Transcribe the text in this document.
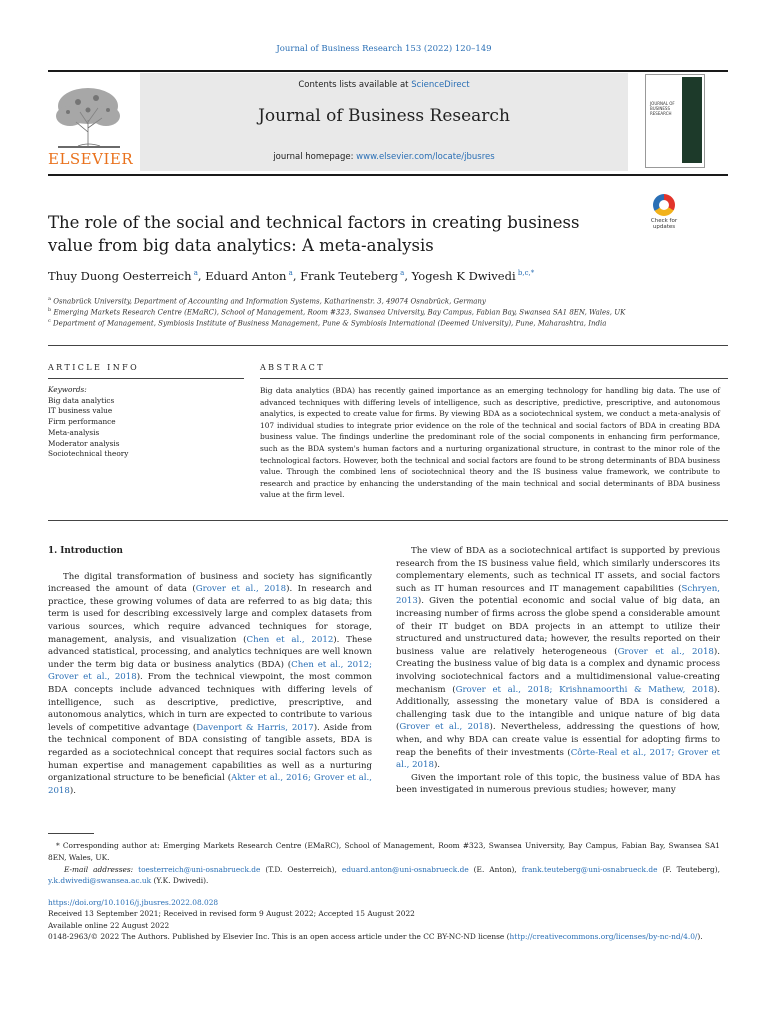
Journal of Business Research 153 (2022) 120–149
ELSEVIER
Contents lists available at ScienceDirect
Journal of Business Research
journal homepage: www.elsevier.com/locate/jbusres
JOURNAL OF BUSINESS RESEARCH
The role of the social and technical factors in creating business value from big data analytics: A meta-analysis
Check for updates
Thuy Duong Oesterreich $^a$, Eduard Anton $^a$, Frank Teuteberg $^a$, Yogesh K Dwivedi $^{b,c,*}$
$^a$ Osnabrück University, Department of Accounting and Information Systems, Katharinenstr. 3, 49074 Osnabrück, Germany
$^b$ Emerging Markets Research Centre (EMaRC), School of Management, Room #323, Swansea University, Bay Campus, Fabian Bay, Swansea SA1 8EN, Wales, UK
$^c$ Department of Management, Symbiosis Institute of Business Management, Pune & Symbiosis International (Deemed University), Pune, Maharashtra, India
ARTICLE INFO	ABSTRACT
Keywords:
Big data analytics
IT business value
Firm performance
Meta-analysis
Moderator analysis
Sociotechnical theory
Big data analytics (BDA) has recently gained importance as an emerging technology for handling big data. The use of advanced techniques with differing levels of intelligence, such as descriptive, predictive, prescriptive, and autonomous analytics, is expected to create value for firms. By viewing BDA as a sociotechnical system, we conduct a meta-analysis of 107 individual studies to integrate prior evidence on the role of the technical and social factors of BDA in creating BDA business value. The findings underline the predominant role of the social components in enhancing firm performance, such as the BDA system's human factors and a nurturing organizational structure, in contrast to the minor role of the technological factors. However, both the technical and social factors are found to be strong determinants of BDA business value. Through the combined lens of sociotechnical theory and the IS business value framework, we contribute to research and practice by enhancing the understanding of the main technical and social determinants of BDA business value at the firm level.
1. Introduction

The digital transformation of business and society has significantly increased the amount of data (Grover et al., 2018). In research and practice, these growing volumes of data are referred to as big data; this term is used for describing excessively large and complex datasets from various sources, which require advanced techniques for storage, management, analysis, and visualization (Chen et al., 2012). These advanced statistical, processing, and analytics techniques are well known under the term big data or business analytics (BDA) (Chen et al., 2012; Grover et al., 2018). From the technical viewpoint, the most common BDA concepts include advanced techniques with differing levels of intelligence, such as descriptive, predictive, prescriptive, and autonomous analytics, which in turn are expected to contribute to various levels of competitive advantage (Davenport & Harris, 2017). Aside from the technical component of BDA consisting of tangible assets, BDA is regarded as a sociotechnical concept that requires social factors such as human expertise and management capabilities as well as a nurturing organizational structure to be beneficial (Akter et al., 2016; Grover et al., 2018).

The view of BDA as a sociotechnical artifact is supported by previous research from the IS business value field, which similarly underscores its complementary elements, such as technical IT assets, and social factors such as IT human resources and IT management capabilities (Schryen, 2013). Given the potential economic and social value of big data, an increasing number of firms across the globe spend a considerable amount of their IT budget on BDA projects in an attempt to utilize their structured and unstructured data; however, the results reported on their business value are relatively heterogeneous (Grover et al., 2018). Creating the business value of big data is a complex and dynamic process involving sociotechnical factors and a multidimensional value-creating mechanism (Grover et al., 2018; Krishnamoorthi & Mathew, 2018). Additionally, assessing the monetary value of BDA is considered a challenging task due to the intangible and unique nature of big data (Grover et al., 2018). Nevertheless, addressing the questions of how, when, and why BDA can create value is essential for adopting firms to reap the benefits of their investments (Côrte-Real et al., 2017; Grover et al., 2018).

Given the important role of this topic, the business value of BDA has been investigated in numerous previous studies; however, many

* Corresponding author at: Emerging Markets Research Centre (EMaRC), School of Management, Room #323, Swansea University, Bay Campus, Fabian Bay, Swansea SA1 8EN, Wales, UK.
E-mail addresses: toesterreich@uni-osnabrueck.de (T.D. Oesterreich), eduard.anton@uni-osnabrueck.de (E. Anton), frank.teuteberg@uni-osnabrueck.de (F. Teuteberg), y.k.dwivedi@swansea.ac.uk (Y.K. Dwivedi).
https://doi.org/10.1016/j.jbusres.2022.08.028
Received 13 September 2021; Received in revised form 9 August 2022; Accepted 15 August 2022
Available online 22 August 2022
0148-2963/© 2022 The Authors. Published by Elsevier Inc. This is an open access article under the CC BY-NC-ND license (http://creativecommons.org/licenses/by-nc-nd/4.0/).
